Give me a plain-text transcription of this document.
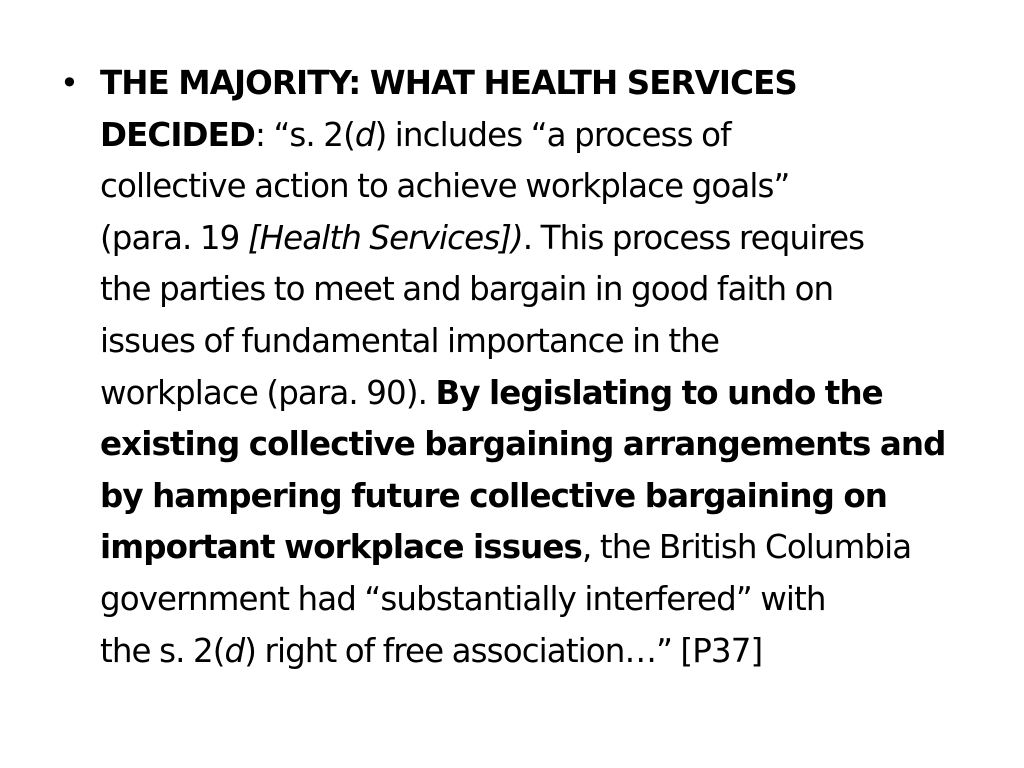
• THE MAJORITY: WHAT HEALTH SERVICES
DECIDED: “s. 2(d) includes “a process of
collective action to achieve workplace goals”
(para. 19 [Health Services]). This process requires
the parties to meet and bargain in good faith on
issues of fundamental importance in the
workplace (para. 90). By legislating to undo the
existing collective bargaining arrangements and
by hampering future collective bargaining on
important workplace issues, the British Columbia
government had “substantially interfered” with
the s. 2(d) right of free association…” [P37]
